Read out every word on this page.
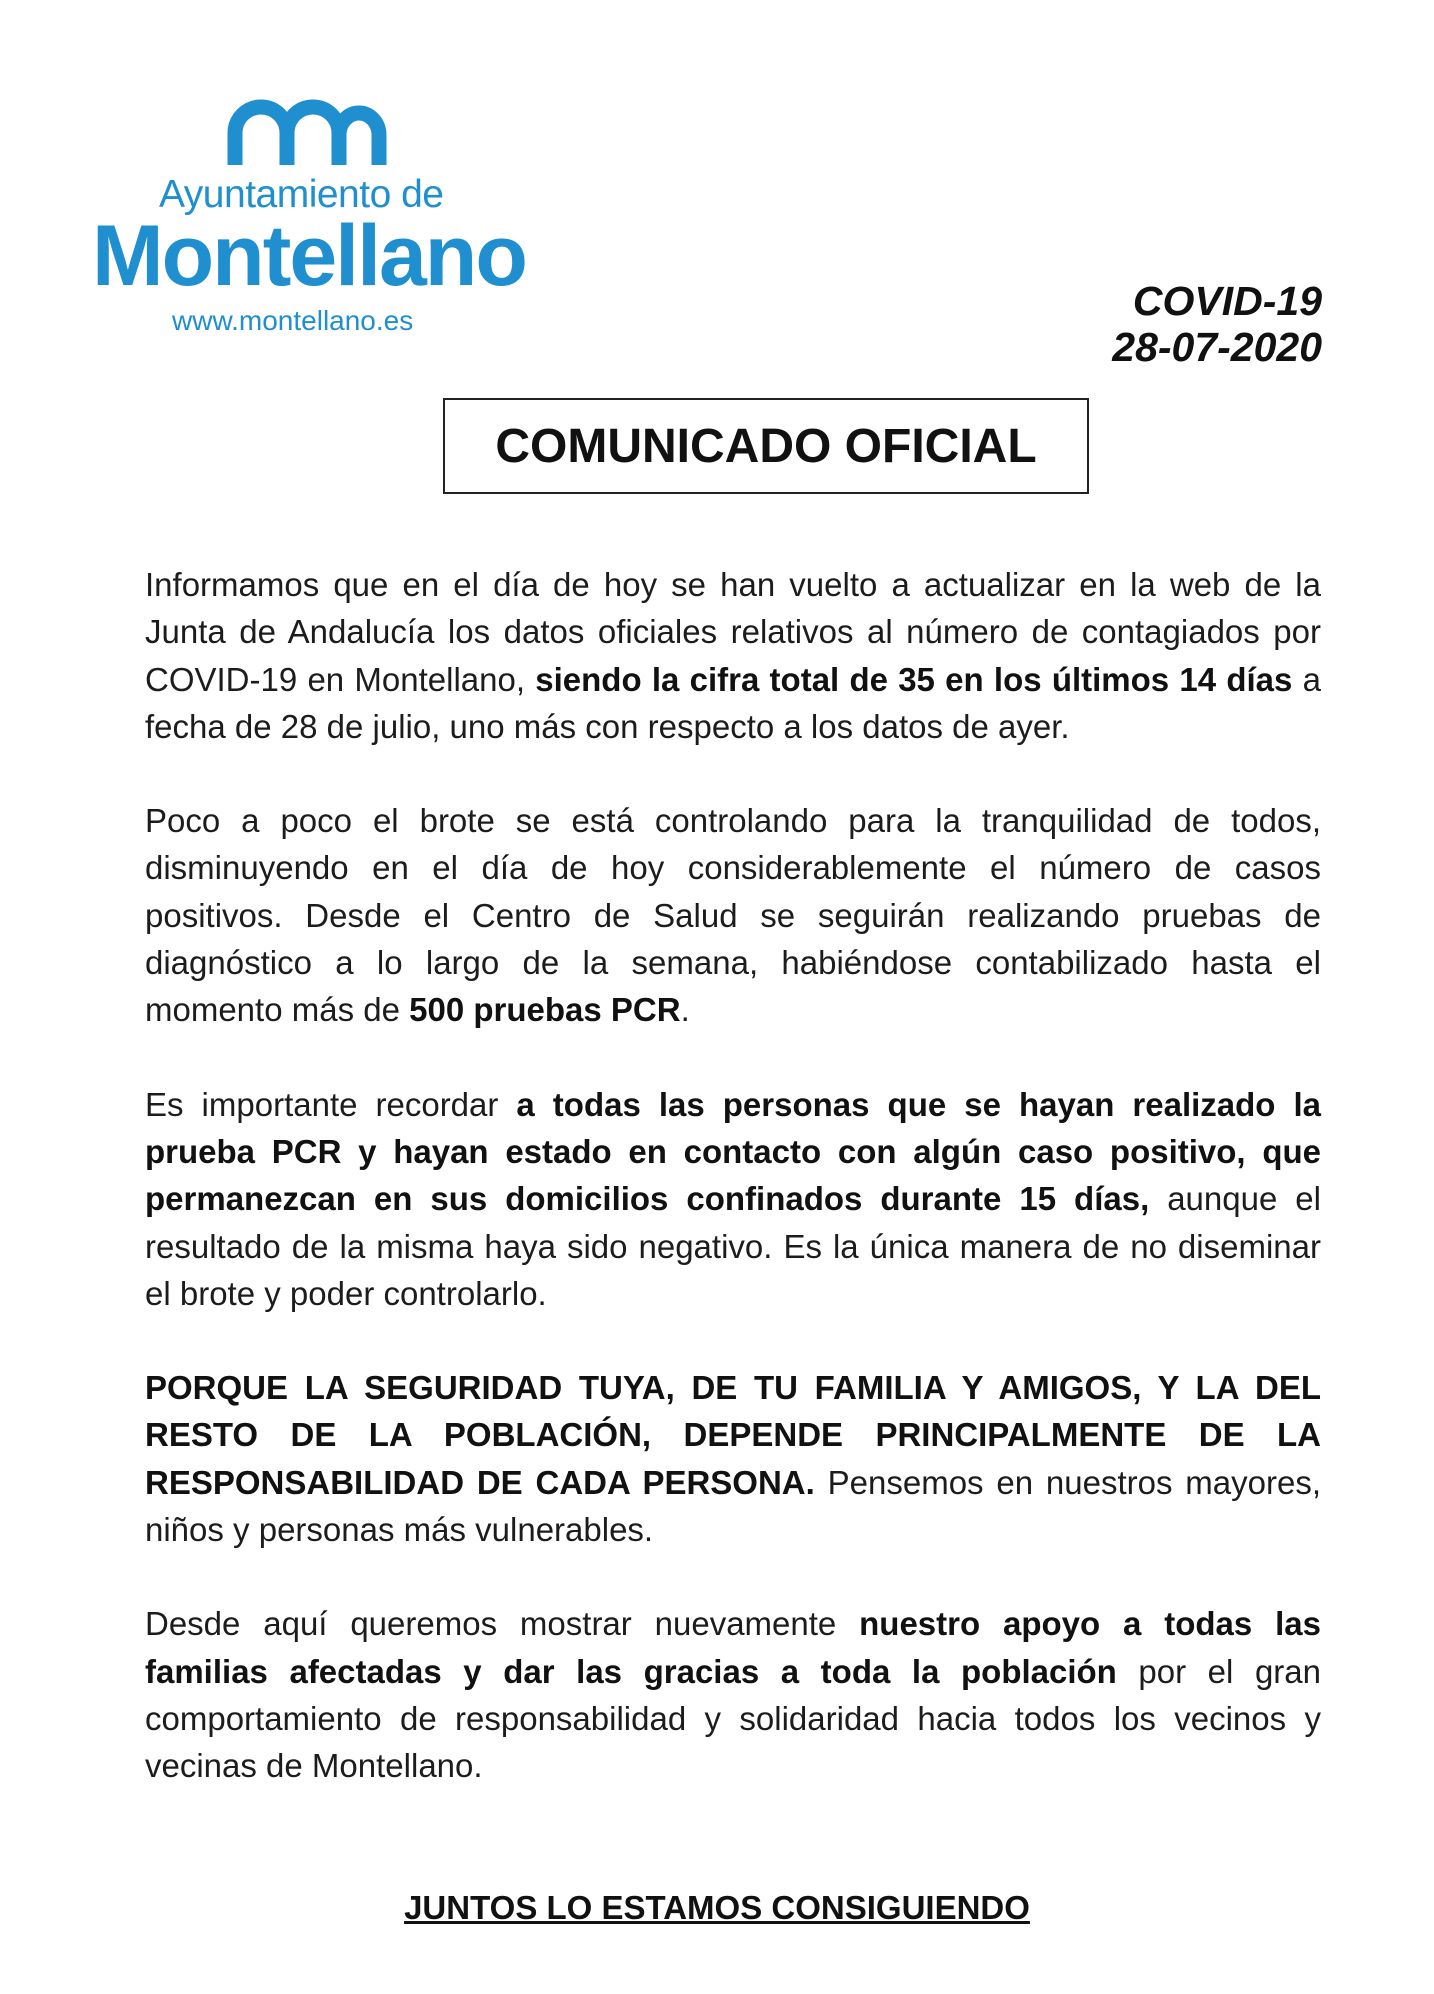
Ayuntamiento de
Montellano
www.montellano.es	COVID-19
28-07-2020
COMUNICADO OFICIAL

Informamos que en el día de hoy se han vuelto a actualizar en la web de la Junta de Andalucía los datos oficiales relativos al número de contagiados por COVID-19 en Montellano, siendo la cifra total de 35 en los últimos 14 días a fecha de 28 de julio, uno más con respecto a los datos de ayer.

Poco a poco el brote se está controlando para la tranquilidad de todos, disminuyendo en el día de hoy considerablemente el número de casos positivos. Desde el Centro de Salud se seguirán realizando pruebas de diagnóstico a lo largo de la semana, habiéndose contabilizado hasta el momento más de 500 pruebas PCR.

Es importante recordar a todas las personas que se hayan realizado la prueba PCR y hayan estado en contacto con algún caso positivo, que permanezcan en sus domicilios confinados durante 15 días, aunque el resultado de la misma haya sido negativo. Es la única manera de no diseminar el brote y poder controlarlo.

PORQUE LA SEGURIDAD TUYA, DE TU FAMILIA Y AMIGOS, Y LA DEL RESTO DE LA POBLACIÓN, DEPENDE PRINCIPALMENTE DE LA RESPONSABILIDAD DE CADA PERSONA. Pensemos en nuestros mayores, niños y personas más vulnerables.

Desde aquí queremos mostrar nuevamente nuestro apoyo a todas las familias afectadas y dar las gracias a toda la población por el gran comportamiento de responsabilidad y solidaridad hacia todos los vecinos y vecinas de Montellano.

JUNTOS LO ESTAMOS CONSIGUIENDO
